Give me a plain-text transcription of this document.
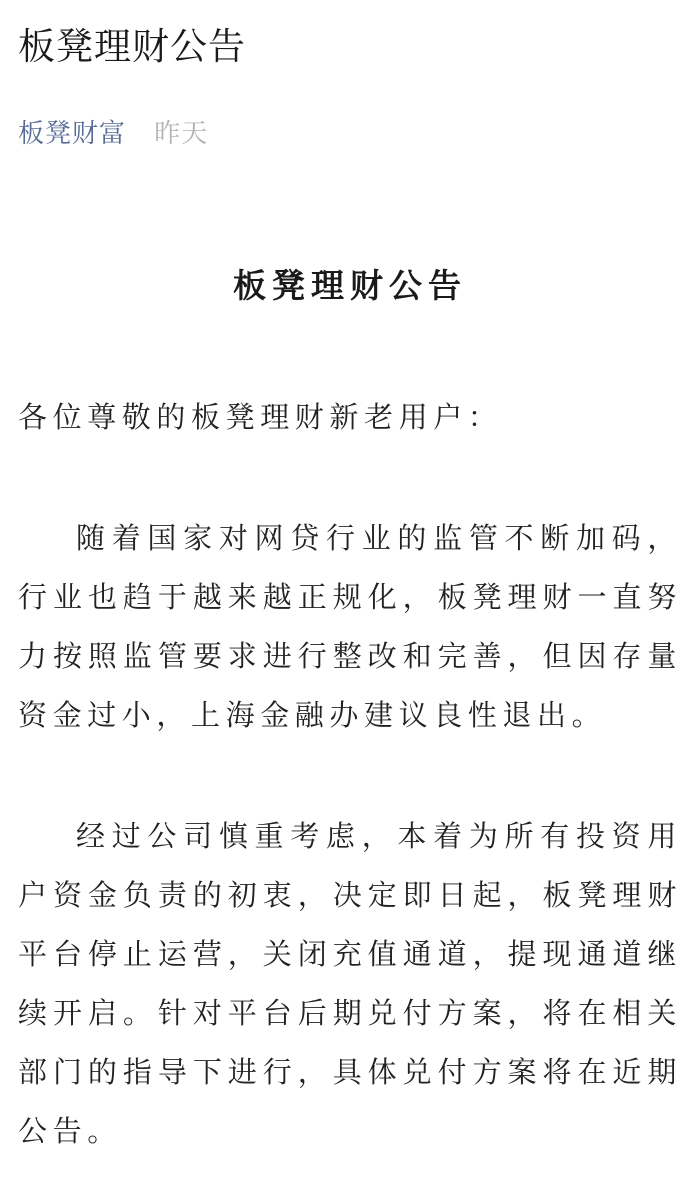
板凳理财公告
板凳财富 昨天
板凳理财公告

各位尊敬的板凳理财新老用户：

随着国家对网贷行业的监管不断加码，行业也趋于越来越正规化，板凳理财一直努力按照监管要求进行整改和完善，但因存量资金过小，上海金融办建议良性退出。

经过公司慎重考虑，本着为所有投资用户资金负责的初衷，决定即日起，板凳理财平台停止运营，关闭充值通道，提现通道继续开启。针对平台后期兑付方案，将在相关部门的指导下进行，具体兑付方案将在近期公告。
